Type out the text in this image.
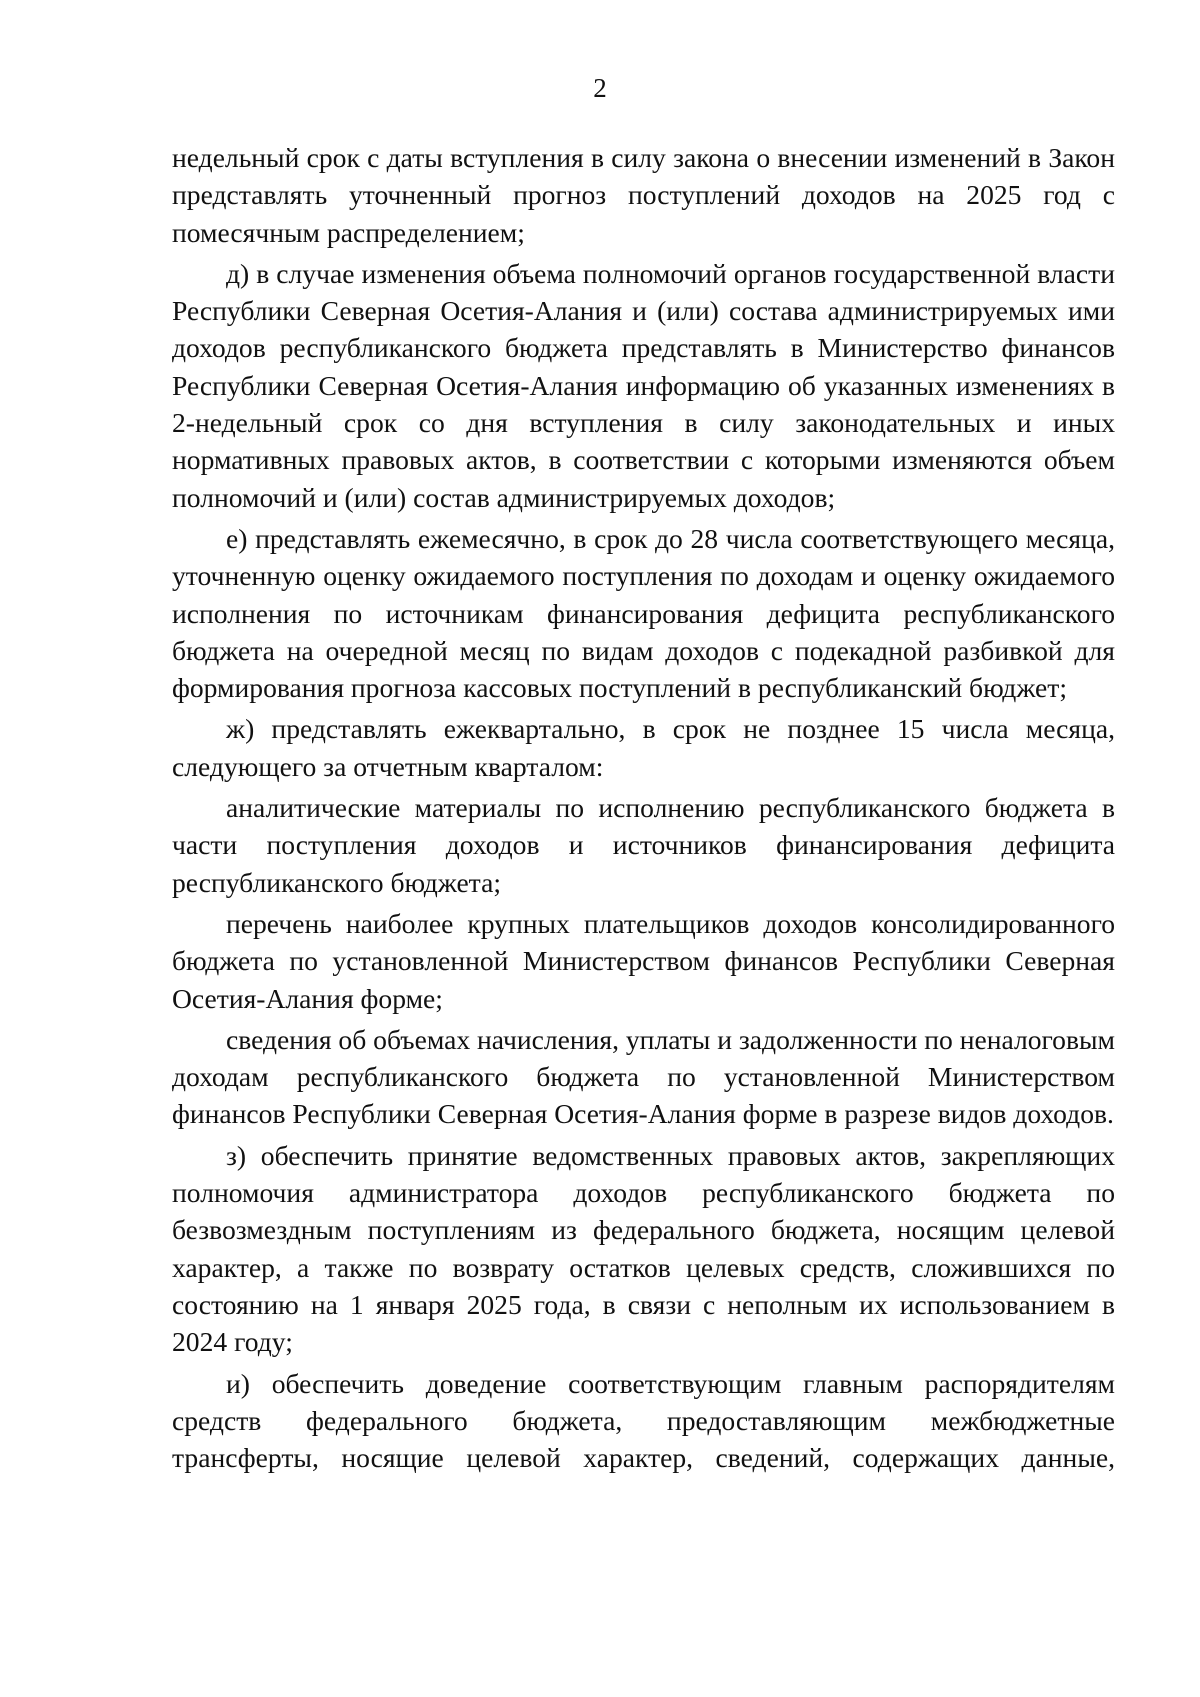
2

недельный срок с даты вступления в силу закона о внесении изменений в Закон представлять уточненный прогноз поступлений доходов на 2025 год с помесячным распределением;

д) в случае изменения объема полномочий органов государственной власти Республики Северная Осетия-Алания и (или) состава администрируемых ими доходов республиканского бюджета представлять в Министерство финансов Республики Северная Осетия-Алания информацию об указанных изменениях в 2-недельный срок со дня вступления в силу законодательных и иных нормативных правовых актов, в соответствии с которыми изменяются объем полномочий и (или) состав администрируемых доходов;

е) представлять ежемесячно, в срок до 28 числа соответствующего месяца, уточненную оценку ожидаемого поступления по доходам и оценку ожидаемого исполнения по источникам финансирования дефицита республиканского бюджета на очередной месяц по видам доходов с подекадной разбивкой для формирования прогноза кассовых поступлений в республиканский бюджет;

ж) представлять ежеквартально, в срок не позднее 15 числа месяца, следующего за отчетным кварталом:

аналитические материалы по исполнению республиканского бюджета в части поступления доходов и источников финансирования дефицита республиканского бюджета;

перечень наиболее крупных плательщиков доходов консолидированного бюджета по установленной Министерством финансов Республики Северная Осетия-Алания форме;

сведения об объемах начисления, уплаты и задолженности по неналоговым доходам республиканского бюджета по установленной Министерством финансов Республики Северная Осетия-Алания форме в разрезе видов доходов.

з) обеспечить принятие ведомственных правовых актов, закрепляющих полномочия администратора доходов республиканского бюджета по безвозмездным поступлениям из федерального бюджета, носящим целевой характер, а также по возврату остатков целевых средств, сложившихся по состоянию на 1 января 2025 года, в связи с неполным их использованием в 2024 году;

и) обеспечить доведение соответствующим главным распорядителям средств федерального бюджета, предоставляющим межбюджетные трансферты, носящие целевой характер, сведений, содержащих данные,
